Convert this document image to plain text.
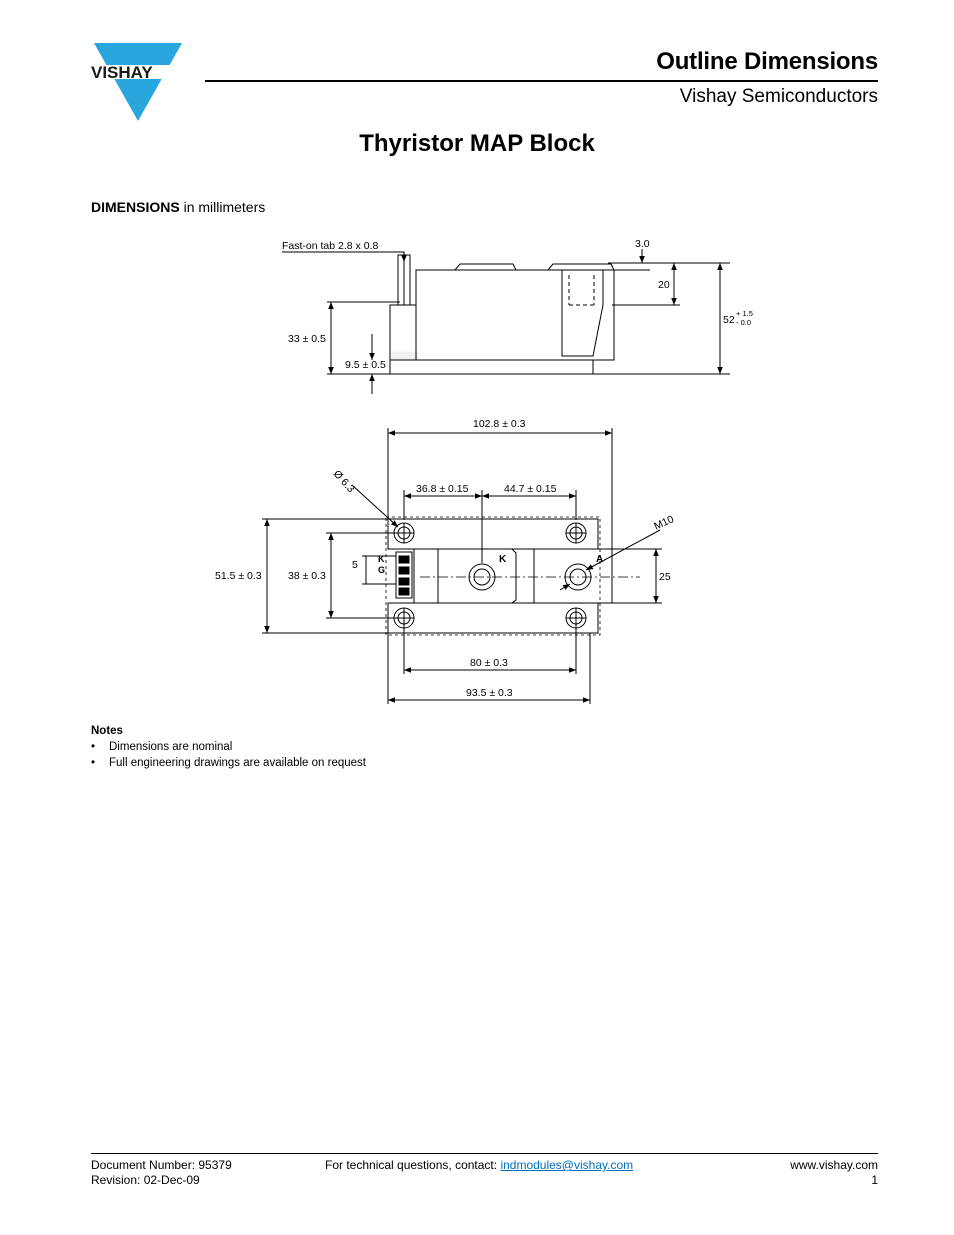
VISHAY	Outline Dimensions
Vishay Semiconductors
Thyristor MAP Block
DIMENSIONS in millimeters
Fast-on tab 2.8 x 0.8	3.0
20
52
+ 1.5
- 0.0
33 ± 0.5
9.5 ± 0.5
102.8 ± 0.3
Ø 6.3	36.8 ± 0.15	44.7 ± 0.15
M10
51.5 ± 0.3	38 ± 0.3
5
25
K
G
K	A
80 ± 0.3
93.5 ± 0.3
Notes
• Dimensions are nominal
• Full engineering drawings are available on request
Document Number: 95379
Revision: 02-Dec-09
For technical questions, contact: indmodules@vishay.com	www.vishay.com
1
